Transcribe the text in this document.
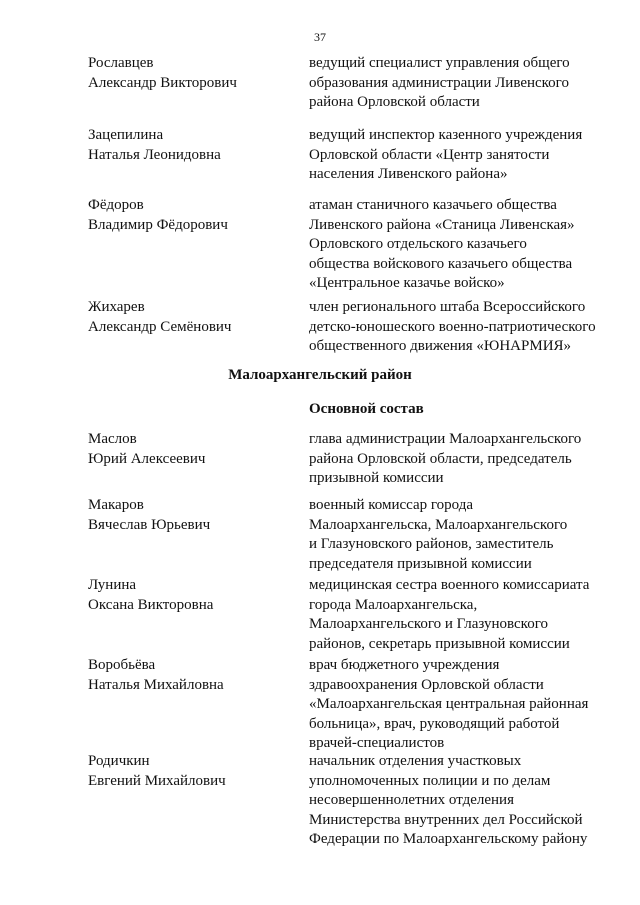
37
Рославцев
Александр Викторович
ведущий специалист управления общего
образования администрации Ливенского
района Орловской области
Зацепилина
Наталья Леонидовна
ведущий инспектор казенного учреждения
Орловской области «Центр занятости
населения Ливенского района»
Фёдоров
Владимир Фёдорович
атаман станичного казачьего общества
Ливенского района «Станица Ливенская»
Орловского отдельского казачьего
общества войскового казачьего общества
«Центральное казачье войско»
Жихарев
Александр Семёнович
член регионального штаба Всероссийского
детско-юношеского военно-патриотического
общественного движения «ЮНАРМИЯ»
Малоархангельский район
Основной состав
Маслов
Юрий Алексеевич
глава администрации Малоархангельского
района Орловской области, председатель
призывной комиссии
Макаров
Вячеслав Юрьевич
военный комиссар города
Малоархангельска, Малоархангельского
и Глазуновского районов, заместитель
председателя призывной комиссии
Лунина
Оксана Викторовна
медицинская сестра военного комиссариата
города Малоархангельска,
Малоархангельского и Глазуновского
районов, секретарь призывной комиссии
Воробьёва
Наталья Михайловна
врач бюджетного учреждения
здравоохранения Орловской области
«Малоархангельская центральная районная
больница», врач, руководящий работой
врачей-специалистов
Родичкин
Евгений Михайлович
начальник отделения участковых
уполномоченных полиции и по делам
несовершеннолетних отделения
Министерства внутренних дел Российской
Федерации по Малоархангельскому району
